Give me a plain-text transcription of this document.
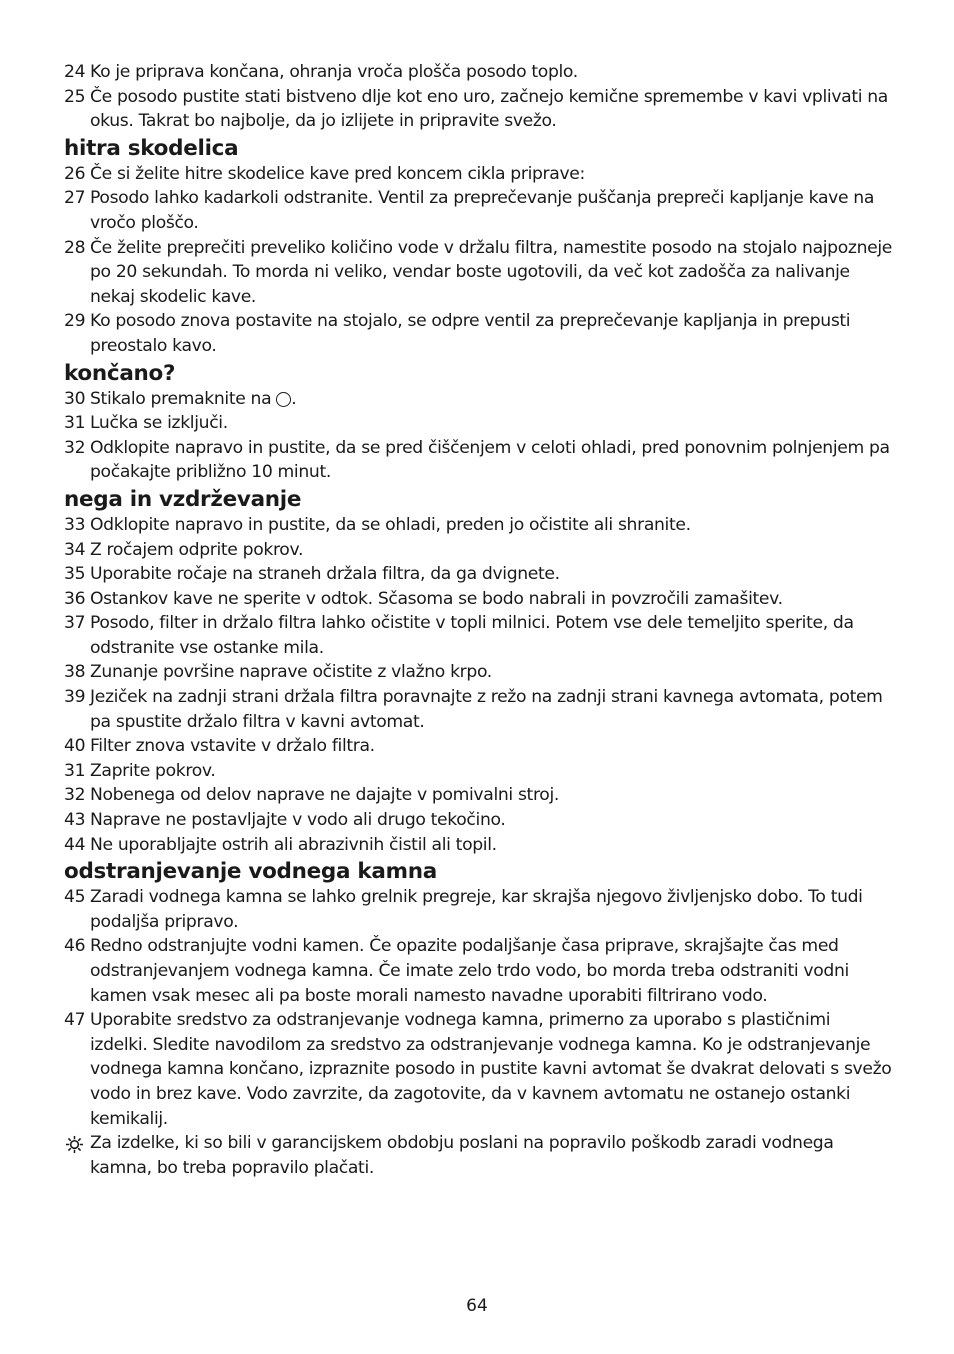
24 Ko je priprava končana, ohranja vroča plošča posodo toplo.
25 Če posodo pustite stati bistveno dlje kot eno uro, začnejo kemične spremembe v kavi vplivati na okus. Takrat bo najbolje, da jo izlijete in pripravite svežo.
hitra skodelica
26 Če si želite hitre skodelice kave pred koncem cikla priprave:
27 Posodo lahko kadarkoli odstranite. Ventil za preprečevanje puščanja prepreči kapljanje kave na vročo ploščo.
28 Če želite preprečiti preveliko količino vode v držalu filtra, namestite posodo na stojalo najpozneje po 20 sekundah. To morda ni veliko, vendar boste ugotovili, da več kot zadošča za nalivanje nekaj skodelic kave.
29 Ko posodo znova postavite na stojalo, se odpre ventil za preprečevanje kapljanja in prepusti preostalo kavo.
končano?
30 Stikalo premaknite na .
31 Lučka se izklјuči.
32 Odklopite napravo in pustite, da se pred čiščenjem v celoti ohladi, pred ponovnim polnjenjem pa počakajte približno 10 minut.
nega in vzdrževanje
33 Odklopite napravo in pustite, da se ohladi, preden jo očistite ali shranite.
34 Z ročajem odprite pokrov.
35 Uporabite ročaje na straneh držala filtra, da ga dvignete.
36 Ostankov kave ne sperite v odtok. Sčasoma se bodo nabrali in povzročili zamašitev.
37 Posodo, filter in držalo filtra lahko očistite v topli milnici. Potem vse dele temeljito sperite, da odstranite vse ostanke mila.
38 Zunanje površine naprave očistite z vlažno krpo.
39 Jeziček na zadnji strani držala filtra poravnajte z režo na zadnji strani kavnega avtomata, potem pa spustite držalo filtra v kavni avtomat.
40 Filter znova vstavite v držalo filtra.
31 Zaprite pokrov.
32 Nobenega od delov naprave ne dajajte v pomivalni stroj.
43 Naprave ne postavljajte v vodo ali drugo tekočino.
44 Ne uporabljajte ostrih ali abrazivnih čistil ali topil.
odstranjevanje vodnega kamna
45 Zaradi vodnega kamna se lahko grelnik pregreje, kar skrajša njegovo življenjsko dobo. To tudi podaljša pripravo.
46 Redno odstranjujte vodni kamen. Če opazite podaljšanje časa priprave, skrajšajte čas med odstranjevanjem vodnega kamna. Če imate zelo trdo vodo, bo morda treba odstraniti vodni kamen vsak mesec ali pa boste morali namesto navadne uporabiti filtrirano vodo.
47 Uporabite sredstvo za odstranjevanje vodnega kamna, primerno za uporabo s plastičnimi izdelki. Sledite navodilom za sredstvo za odstranjevanje vodnega kamna. Ko je odstranjevanje vodnega kamna končano, izpraznite posodo in pustite kavni avtomat še dvakrat delovati s svežo vodo in brez kave. Vodo zavrzite, da zagotovite, da v kavnem avtomatu ne ostanejo ostanki kemikalij.
Za izdelke, ki so bili v garancijskem obdobju poslani na popravilo poškodb zaradi vodnega kamna, bo treba popravilo plačati.
64
